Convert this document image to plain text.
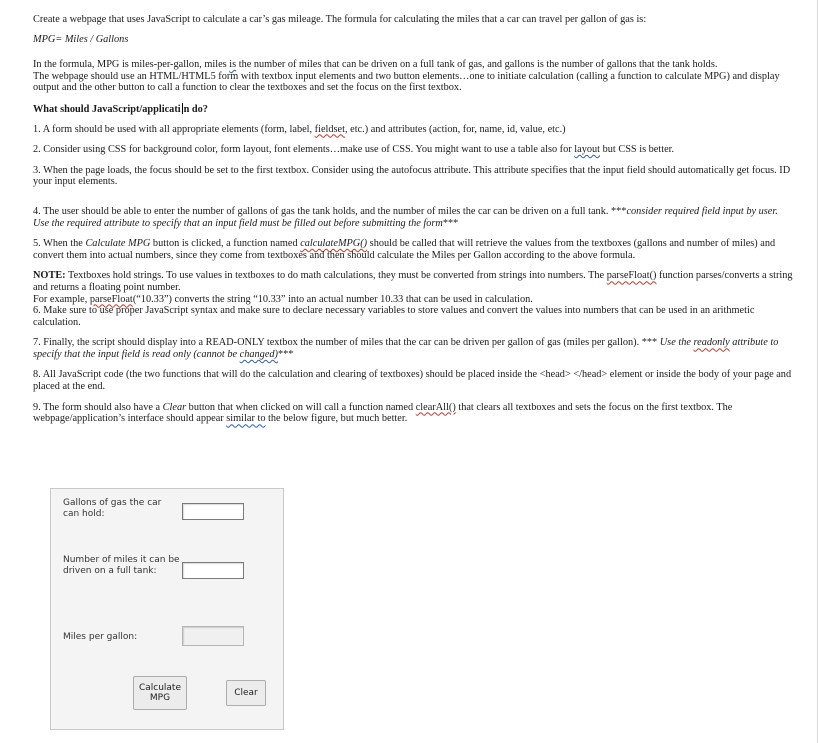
Create a webpage that uses JavaScript to calculate a car’s gas mileage. The formula for calculating the miles that a car can travel per gallon of gas is:

MPG= Miles / Gallons

In the formula, MPG is miles-per-gallon, miles is the number of miles that can be driven on a full tank of gas, and gallons is the number of gallons that the tank holds.

The webpage should use an HTML/HTML5 form with textbox input elements and two button elements…one to initiate calculation (calling a function to calculate MPG) and display output and the other button to call a function to clear the textboxes and set the focus on the first textbox.

What should JavaScript/applicati n do?

1. A form should be used with all appropriate elements (form, label, fieldset, etc.) and attributes (action, for, name, id, value, etc.)

2. Consider using CSS for background color, form layout, font elements…make use of CSS. You might want to use a table also for layout but CSS is better.

3. When the page loads, the focus should be set to the first textbox. Consider using the autofocus attribute. This attribute specifies that the input field should automatically get focus. ID your input elements.

4. The user should be able to enter the number of gallons of gas the tank holds, and the number of miles the car can be driven on a full tank. ***consider required field input by user. Use the required attribute to specify that an input field must be filled out before submitting the form***

5. When the Calculate MPG button is clicked, a function named calculateMPG() should be called that will retrieve the values from the textboxes (gallons and number of miles) and convert them into actual numbers, since they come from textboxes and then should calculate the Miles per Gallon according to the above formula.

NOTE: Textboxes hold strings. To use values in textboxes to do math calculations, they must be converted from strings into numbers. The parseFloat() function parses/converts a string and returns a floating point number.

For example, parseFloat(“10.33”) converts the string “10.33” into an actual number 10.33 that can be used in calculation.

6. Make sure to use proper JavaScript syntax and make sure to declare necessary variables to store values and convert the values into numbers that can be used in an arithmetic calculation.

7. Finally, the script should display into a READ-ONLY textbox the number of miles that the car can be driven per gallon of gas (miles per gallon). *** Use the readonly attribute to specify that the input field is read only (cannot be changed)***

8. All JavaScript code (the two functions that will do the calculation and clearing of textboxes) should be placed inside the <head> </head> element or inside the body of your page and placed at the end.

9. The form should also have a Clear button that when clicked on will call a function named clearAll() that clears all textboxes and sets the focus on the first textbox. The webpage/application’s interface should appear similar to the below figure, but much better.

Gallons of gas the car can hold:
Number of miles it can be driven on a full tank:
Miles per gallon:
Calculate MPG
Clear
